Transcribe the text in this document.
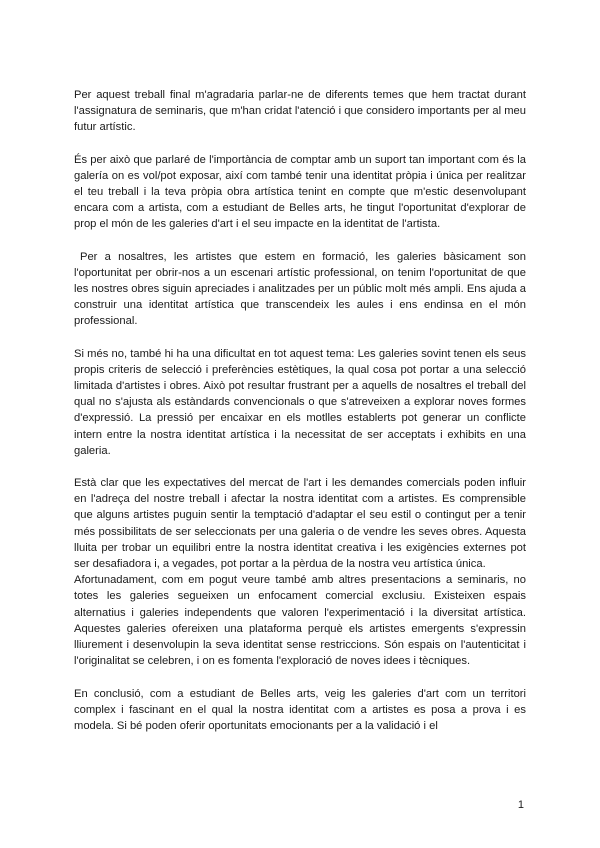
Per aquest treball final m'agradaria parlar-ne de diferents temes que hem tractat durant l'assignatura de seminaris, que m'han cridat l'atenció i que considero importants per al meu futur artístic.

És per això que parlaré de l'importància de comptar amb un suport tan important com és la galería on es vol/pot exposar, així com també tenir una identitat pròpia i única per realitzar el teu treball i la teva pròpia obra artística tenint en compte que m'estic desenvolupant encara com a artista, com a estudiant de Belles arts, he tingut l'oportunitat d'explorar de prop el món de les galeries d'art i el seu impacte en la identitat de l'artista.

Per a nosaltres, les artistes que estem en formació, les galeries bàsicament son l'oportunitat per obrir-nos a un escenari artístic professional, on tenim l'oportunitat de que les nostres obres siguin apreciades i analitzades per un públic molt més ampli. Ens ajuda a construir una identitat artística que transcendeix les aules i ens endinsa en el món professional.

Si més no, també hi ha una dificultat en tot aquest tema: Les galeries sovint tenen els seus propis criteris de selecció i preferències estètiques, la qual cosa pot portar a una selecció limitada d'artistes i obres. Això pot resultar frustrant per a aquells de nosaltres el treball del qual no s'ajusta als estàndards convencionals o que s'atreveixen a explorar noves formes d'expressió. La pressió per encaixar en els motlles establerts pot generar un conflicte intern entre la nostra identitat artística i la necessitat de ser acceptats i exhibits en una galeria.

Està clar que les expectatives del mercat de l'art i les demandes comercials poden influir en l'adreça del nostre treball i afectar la nostra identitat com a artistes. Es comprensible que alguns artistes puguin sentir la temptació d'adaptar el seu estil o contingut per a tenir més possibilitats de ser seleccionats per una galeria o de vendre les seves obres. Aquesta lluita per trobar un equilibri entre la nostra identitat creativa i les exigències externes pot ser desafiadora i, a vegades, pot portar a la pèrdua de la nostra veu artística única.

Afortunadament, com em pogut veure també amb altres presentacions a seminaris, no totes les galeries segueixen un enfocament comercial exclusiu. Existeixen espais alternatius i galeries independents que valoren l'experimentació i la diversitat artística. Aquestes galeries ofereixen una plataforma perquè els artistes emergents s'expressin lliurement i desenvolupin la seva identitat sense restriccions. Són espais on l'autenticitat i l'originalitat se celebren, i on es fomenta l'exploració de noves idees i tècniques.

En conclusió, com a estudiant de Belles arts, veig les galeries d'art com un territori complex i fascinant en el qual la nostra identitat com a artistes es posa a prova i es modela. Si bé poden oferir oportunitats emocionants per a la validació i el

1
